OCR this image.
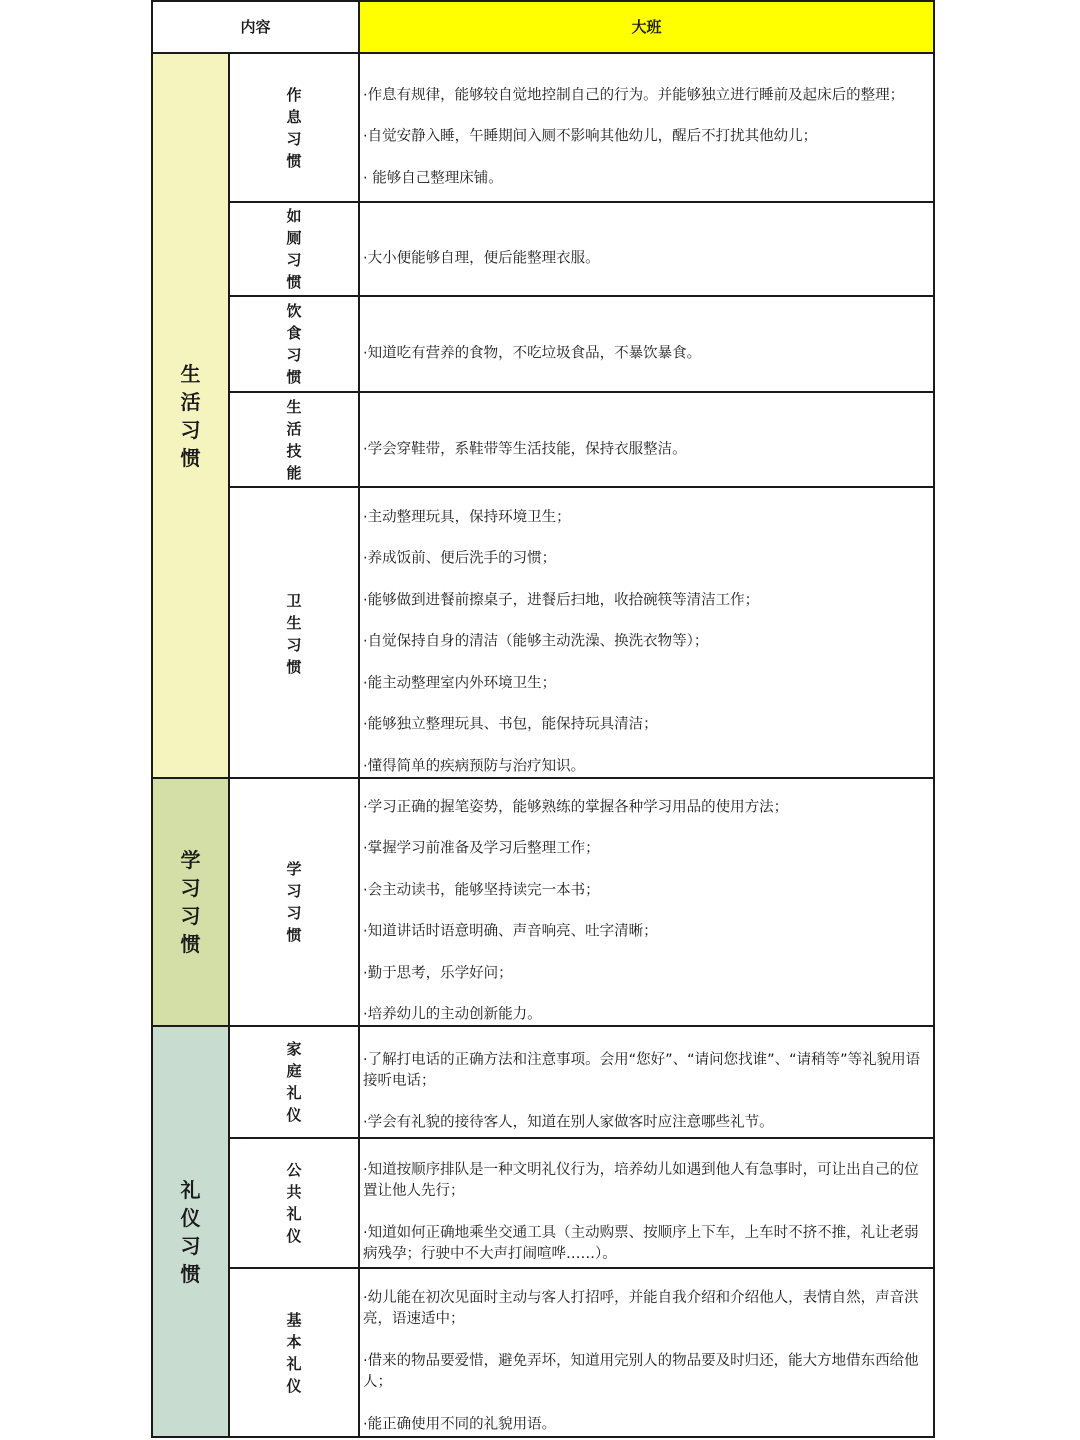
内容	大班
生
活
习
惯
学
习
习
惯
礼
仪
习
惯
作
息
习
惯
如
厕
习
惯
饮
食
习
惯
生
活
技
能
卫
生
习
惯
学
习
习
惯
家
庭
礼
仪
公
共
礼
仪
基
本
礼
仪
·作息有规律，能够较自觉地控制自己的行为。并能够独立进行睡前及起床后的整理；
·自觉安静入睡，午睡期间入厕不影响其他幼儿，醒后不打扰其他幼儿；
· 能够自己整理床铺。
·大小便能够自理，便后能整理衣服。
·知道吃有营养的食物，不吃垃圾食品，不暴饮暴食。
·学会穿鞋带，系鞋带等生活技能，保持衣服整洁。
·主动整理玩具，保持环境卫生；
·养成饭前、便后洗手的习惯；
·能够做到进餐前擦桌子，进餐后扫地，收拾碗筷等清洁工作；
·自觉保持自身的清洁（能够主动洗澡、换洗衣物等）；
·能主动整理室内外环境卫生；
·能够独立整理玩具、书包，能保持玩具清洁；
·懂得简单的疾病预防与治疗知识。
·学习正确的握笔姿势，能够熟练的掌握各种学习用品的使用方法；
·掌握学习前准备及学习后整理工作；
·会主动读书，能够坚持读完一本书；
·知道讲话时语意明确、声音响亮、吐字清晰；
·勤于思考，乐学好问；
·培养幼儿的主动创新能力。
·了解打电话的正确方法和注意事项。会用“您好”、“请问您找谁”、“请稍等”等礼貌用语接听电话；
·学会有礼貌的接待客人，知道在别人家做客时应注意哪些礼节。
·知道按顺序排队是一种文明礼仪行为，培养幼儿如遇到他人有急事时，可让出自己的位置让他人先行；
·知道如何正确地乘坐交通工具（主动购票、按顺序上下车，上车时不挤不推，礼让老弱病残孕；行驶中不大声打闹喧哗……）。
·幼儿能在初次见面时主动与客人打招呼，并能自我介绍和介绍他人，表情自然，声音洪亮，语速适中；
·借来的物品要爱惜，避免弄坏，知道用完别人的物品要及时归还，能大方地借东西给他人；
·能正确使用不同的礼貌用语。
